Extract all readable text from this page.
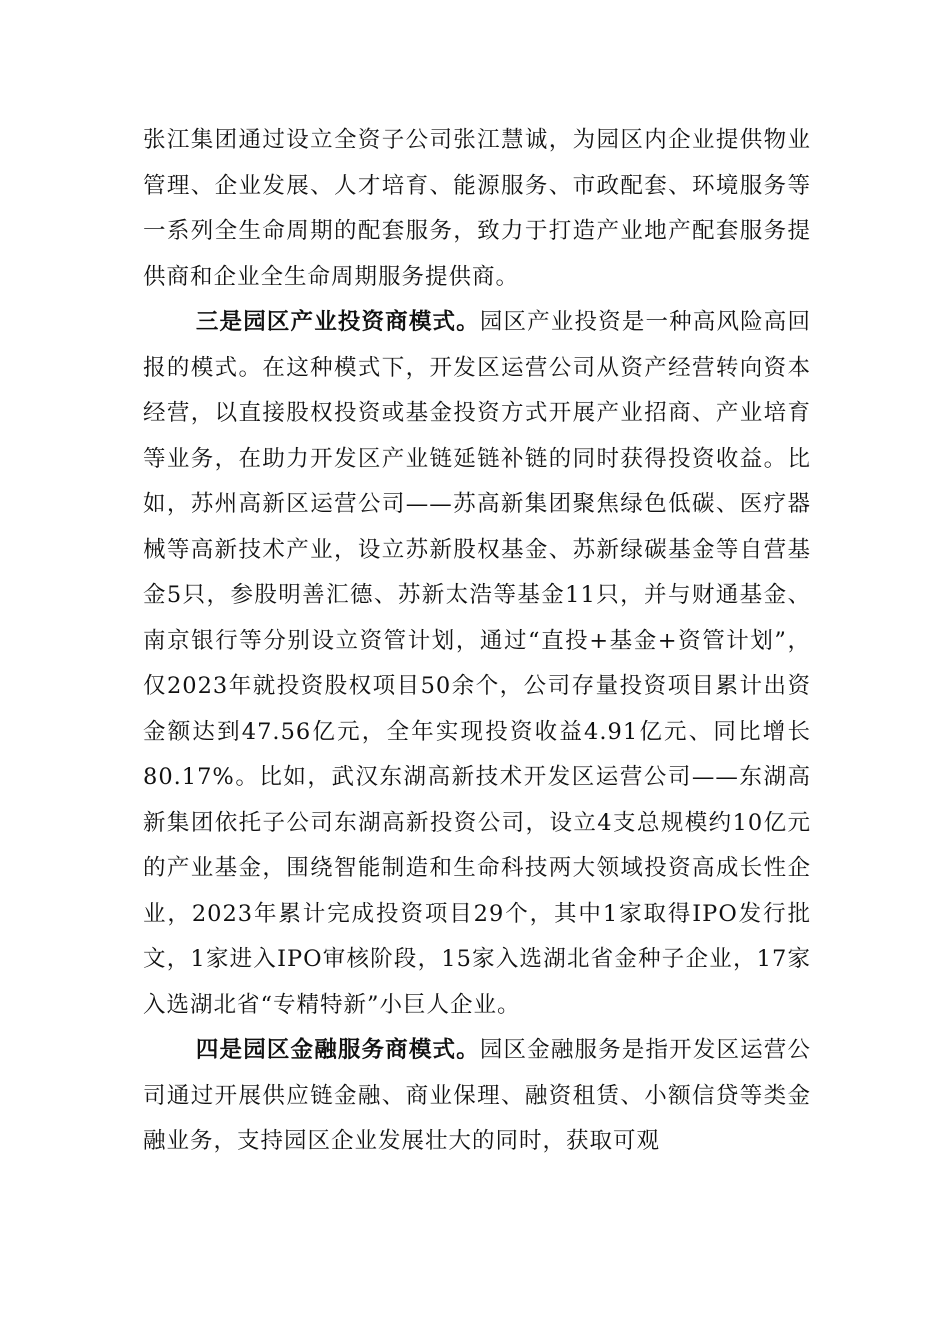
张江集团通过设立全资子公司张江慧诚，为园区内企业提供物业管理、企业发展、人才培育、能源服务、市政配套、环境服务等一系列全生命周期的配套服务，致力于打造产业地产配套服务提供商和企业全生命周期服务提供商。

三是园区产业投资商模式。园区产业投资是一种高风险高回报的模式。在这种模式下，开发区运营公司从资产经营转向资本经营，以直接股权投资或基金投资方式开展产业招商、产业培育等业务，在助力开发区产业链延链补链的同时获得投资收益。比如，苏州高新区运营公司——苏高新集团聚焦绿色低碳、医疗器械等高新技术产业，设立苏新股权基金、苏新绿碳基金等自营基金5只，参股明善汇德、苏新太浩等基金11只，并与财通基金、南京银行等分别设立资管计划，通过“直投+基金+资管计划”，仅2023年就投资股权项目50余个，公司存量投资项目累计出资金额达到47.56亿元，全年实现投资收益4.91亿元、同比增长80.17%。比如，武汉东湖高新技术开发区运营公司——东湖高新集团依托子公司东湖高新投资公司，设立4支总规模约10亿元的产业基金，围绕智能制造和生命科技两大领域投资高成长性企业，2023年累计完成投资项目29个，其中1家取得IPO发行批文，1家进入IPO审核阶段，15家入选湖北省金种子企业，17家入选湖北省“专精特新”小巨人企业。

四是园区金融服务商模式。园区金融服务是指开发区运营公司通过开展供应链金融、商业保理、融资租赁、小额信贷等类金融业务，支持园区企业发展壮大的同时，获取可观
